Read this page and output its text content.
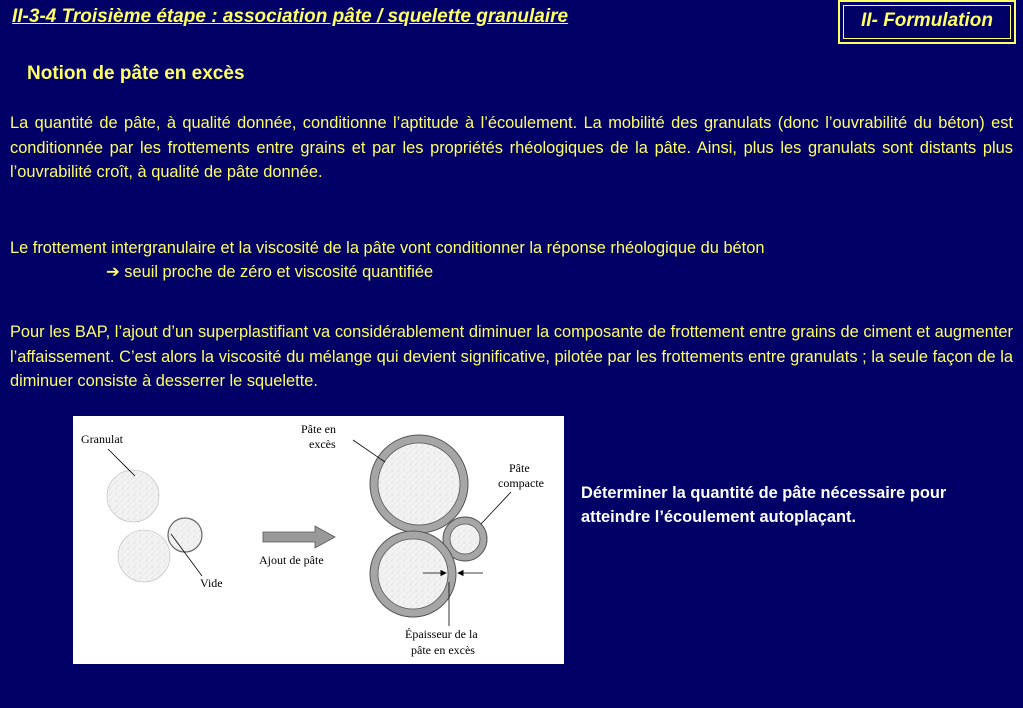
II-3-4 Troisième étape : association pâte / squelette granulaire	II- Formulation
Notion de pâte en excès

La quantité de pâte, à qualité donnée, conditionne l’aptitude à l’écoulement. La mobilité des granulats (donc l’ouvrabilité du béton) est conditionnée par les frottements entre grains et par les propriétés rhéologiques de la pâte. Ainsi, plus les granulats sont distants plus l’ouvrabilité croît, à qualité de pâte donnée.

Le frottement intergranulaire et la viscosité de la pâte vont conditionner la réponse rhéologique du béton

➔ seuil proche de zéro et viscosité quantifiée

Pour les BAP, l’ajout d’un superplastifiant va considérablement diminuer la composante de frottement entre grains de ciment et augmenter l’affaissement. C’est alors la viscosité du mélange qui devient significative, pilotée par les frottements entre granulats ; la seule façon de la diminuer consiste à desserrer le squelette.

Granulat
Vide
Ajout de pâte
Pâte en
excès
Pâte
compacte
Épaisseur de la
pâte en excès

Déterminer la quantité de pâte nécessaire pour atteindre l’écoulement autoplaçant.
